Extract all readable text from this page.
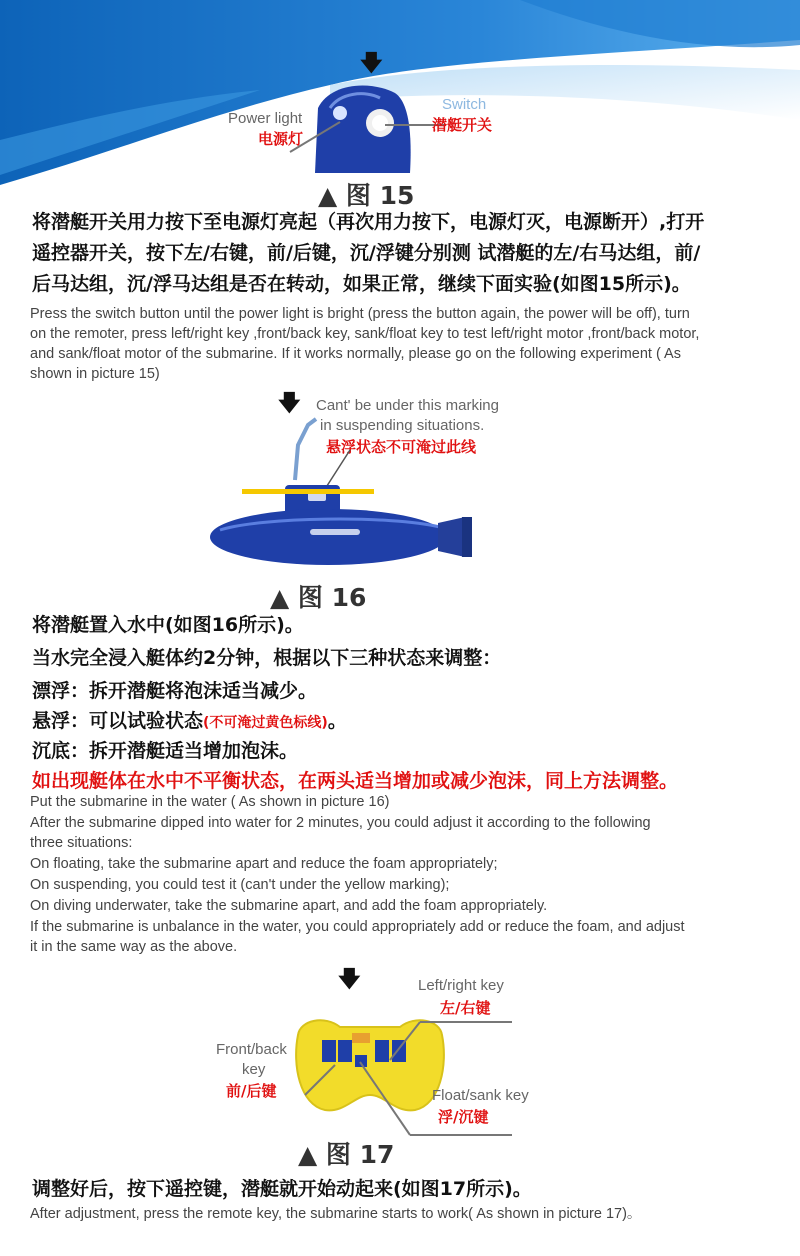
🡇
Power light
电源灯
Switch
潜艇开关
▲ 图 15
将潜艇开关用力按下至电源灯亮起（再次用力按下，电源灯灭，电源断开）,打开
遥控器开关，按下左/右键，前/后键，沉/浮键分别测 试潜艇的左/右马达组，前/
后马达组，沉/浮马达组是否在转动，如果正常，继续下面实验(如图15所示)。
Press the switch button until the power light is bright (press the button again, the power will be off), turn
on the remoter, press left/right key ,front/back key, sank/float key to test left/right motor ,front/back motor,
and sank/float motor of the submarine. If it works normally, please go on the following experiment ( As
shown in picture 15)
🡇 Cant' be under this marking
in suspending situations.
悬浮状态不可淹过此线
▲ 图 16
将潜艇置入水中(如图16所示)。
当水完全浸入艇体约2分钟，根据以下三种状态来调整：
漂浮：拆开潜艇将泡沫适当减少。
悬浮：可以试验状态(不可淹过黄色标线)。
沉底：拆开潜艇适当增加泡沫。
如出现艇体在水中不平衡状态，在两头适当增加或减少泡沫，同上方法调整。
Put the submarine in the water ( As shown in picture 16)
After the submarine dipped into water for 2 minutes, you could adjust it according to the following
three situations:
On floating, take the submarine apart and reduce the foam appropriately;
On suspending, you could test it (can't under the yellow marking);
On diving underwater, take the submarine apart, and add the foam appropriately.
If the submarine is unbalance in the water, you could appropriately add or reduce the foam, and adjust
it in the same way as the above.
🡇	Left/right key
左/右键
Front/back
key
前/后键	Float/sank key
浮/沉键
▲ 图 17
调整好后，按下遥控键，潜艇就开始动起来(如图17所示)。
After adjustment, press the remote key, the submarine starts to work( As shown in picture 17)。
